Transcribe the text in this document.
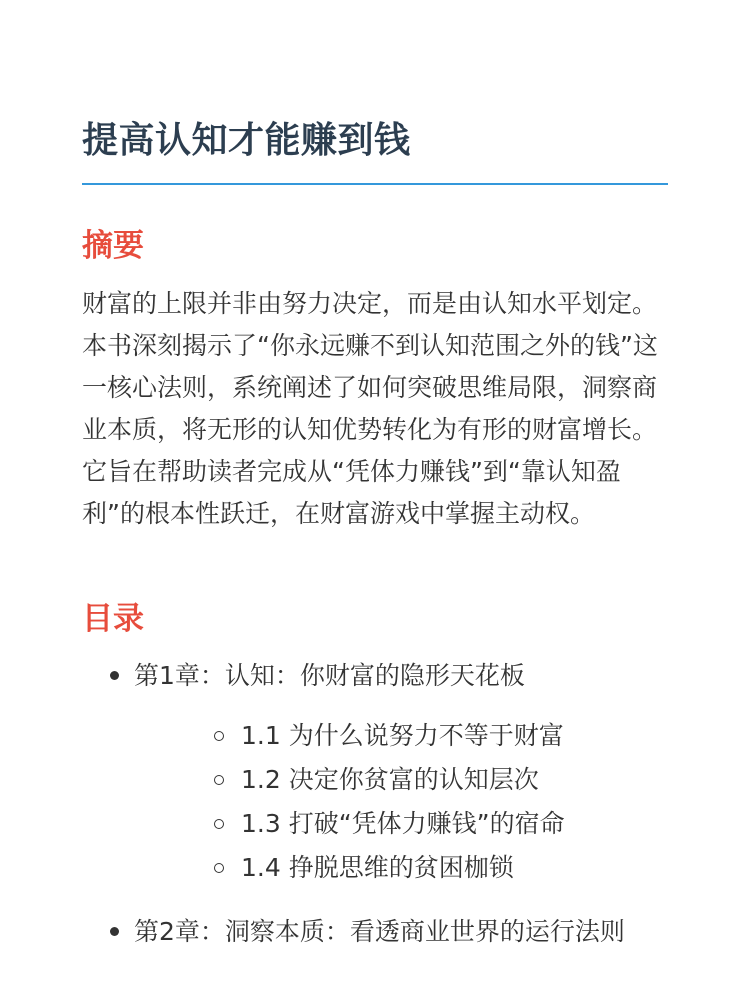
提高认知才能赚到钱
摘要

财富的上限并非由努力决定，而是由认知水平划定。本书深刻揭示了“你永远赚不到认知范围之外的钱”这一核心法则，系统阐述了如何突破思维局限，洞察商业本质，将无形的认知优势转化为有形的财富增长。它旨在帮助读者完成从“凭体力赚钱”到“靠认知盈利”的根本性跃迁，在财富游戏中掌握主动权。

目录
第1章：认知：你财富的隐形天花板
1.1 为什么说努力不等于财富
1.2 决定你贫富的认知层次
1.3 打破“凭体力赚钱”的宿命
1.4 挣脱思维的贫困枷锁
第2章：洞察本质：看透商业世界的运行法则
